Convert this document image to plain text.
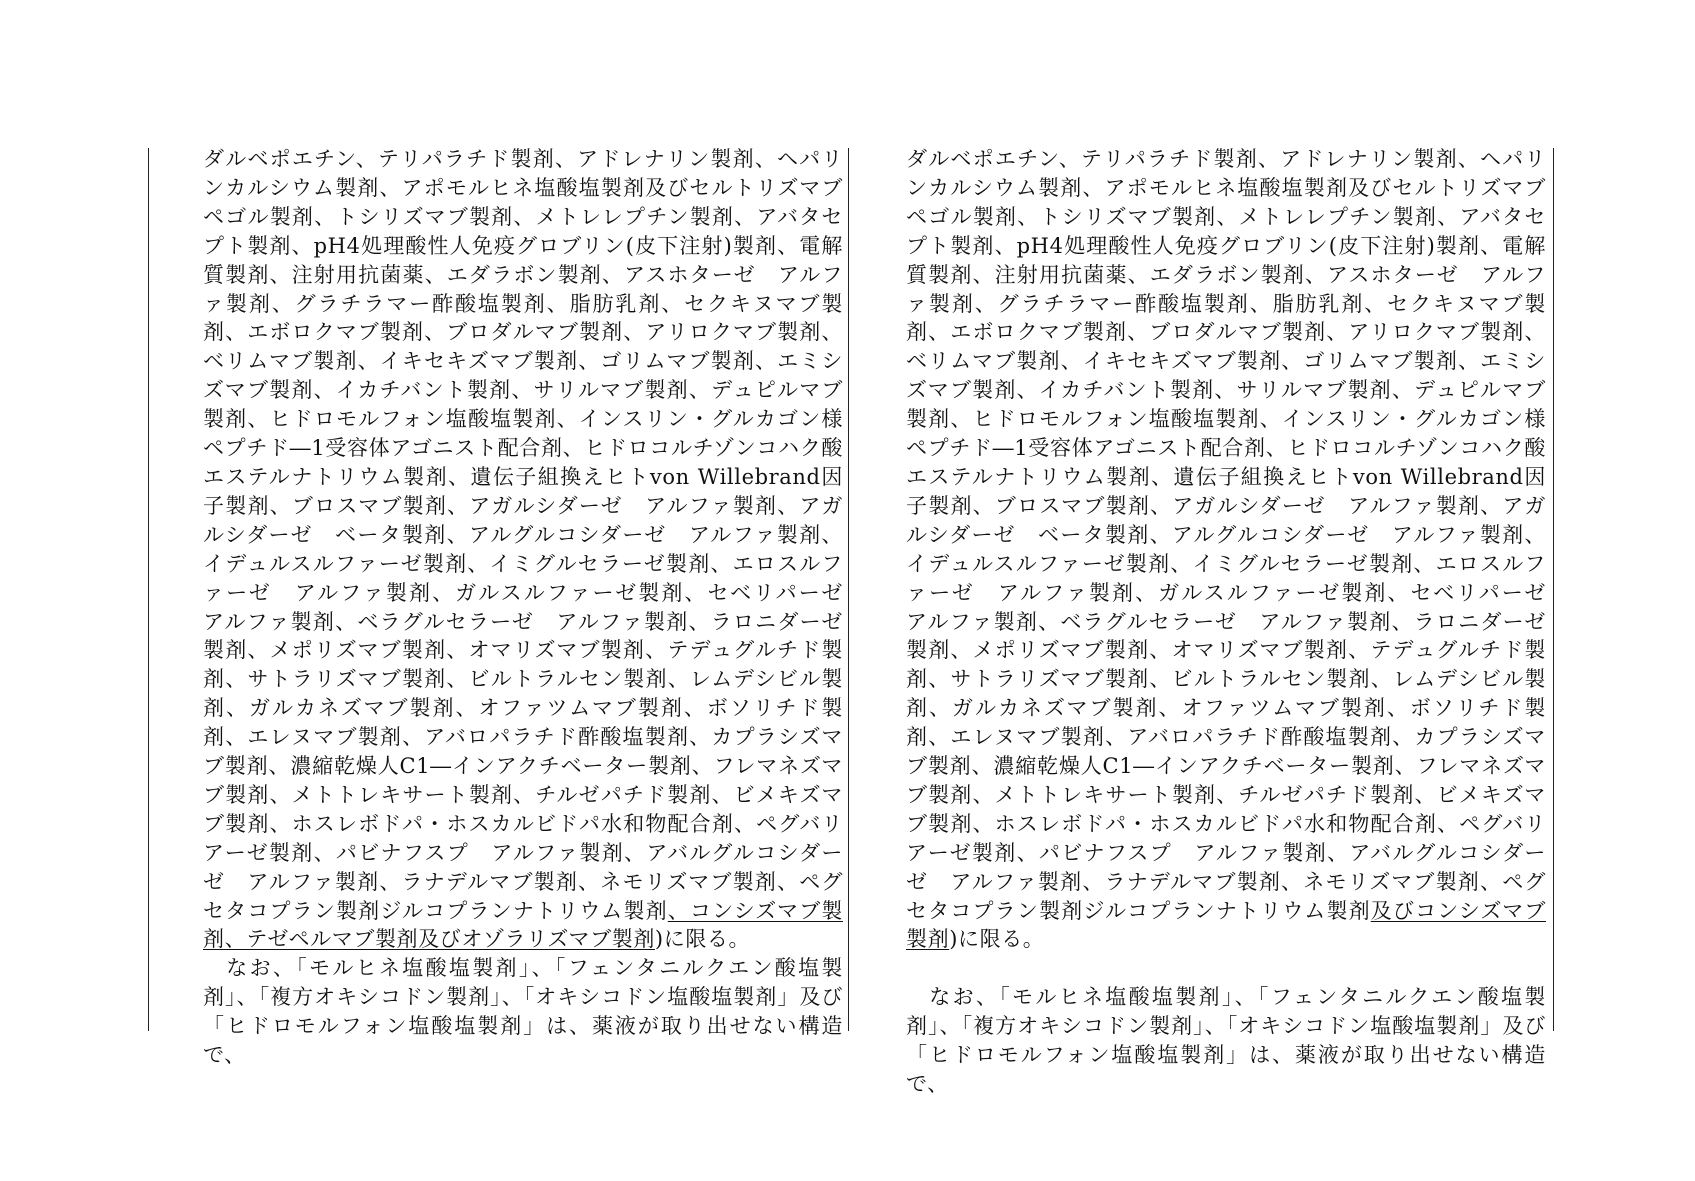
ダルベポエチン、テリパラチド製剤、アドレナリン製剤、ヘパリンカルシウム製剤、アポモルヒネ塩酸塩製剤及びセルトリズマブペゴル製剤、トシリズマブ製剤、メトレレプチン製剤、アバタセプト製剤、pH4処理酸性人免疫グロブリン(皮下注射)製剤、電解質製剤、注射用抗菌薬、エダラボン製剤、アスホターゼ　アルファ製剤、グラチラマー酢酸塩製剤、脂肪乳剤、セクキヌマブ製剤、エボロクマブ製剤、ブロダルマブ製剤、アリロクマブ製剤、ベリムマブ製剤、イキセキズマブ製剤、ゴリムマブ製剤、エミシズマブ製剤、イカチバント製剤、サリルマブ製剤、デュピルマブ製剤、ヒドロモルフォン塩酸塩製剤、インスリン・グルカゴン様ペプチド―1受容体アゴニスト配合剤、ヒドロコルチゾンコハク酸エステルナトリウム製剤、遺伝子組換えヒトvon Willebrand因子製剤、ブロスマブ製剤、アガルシダーゼ　アルファ製剤、アガルシダーゼ　ベータ製剤、アルグルコシダーゼ　アルファ製剤、イデュルスルファーゼ製剤、イミグルセラーゼ製剤、エロスルファーゼ　アルファ製剤、ガルスルファーゼ製剤、セベリパーゼ　アルファ製剤、ベラグルセラーゼ　アルファ製剤、ラロニダーゼ製剤、メポリズマブ製剤、オマリズマブ製剤、テデュグルチド製剤、サトラリズマブ製剤、ビルトラルセン製剤、レムデシビル製剤、ガルカネズマブ製剤、オファツムマブ製剤、ボソリチド製剤、エレヌマブ製剤、アバロパラチド酢酸塩製剤、カプラシズマブ製剤、濃縮乾燥人C1―インアクチベーター製剤、フレマネズマブ製剤、メトトレキサート製剤、チルゼパチド製剤、ビメキズマブ製剤、ホスレボドパ・ホスカルビドパ水和物配合剤、ペグバリアーゼ製剤、パビナフスプ　アルファ製剤、アバルグルコシダーゼ　アルファ製剤、ラナデルマブ製剤、ネモリズマブ製剤、ペグセタコプラン製剤ジルコプランナトリウム製剤、コンシズマブ製剤、テゼペルマブ製剤及びオゾラリズマブ製剤)に限る。

　なお、「モルヒネ塩酸塩製剤」、「フェンタニルクエン酸塩製剤」、「複方オキシコドン製剤」、「オキシコドン塩酸塩製剤」及び「ヒドロモルフォン塩酸塩製剤」は、薬液が取り出せない構造で、

ダルベポエチン、テリパラチド製剤、アドレナリン製剤、ヘパリンカルシウム製剤、アポモルヒネ塩酸塩製剤及びセルトリズマブペゴル製剤、トシリズマブ製剤、メトレレプチン製剤、アバタセプト製剤、pH4処理酸性人免疫グロブリン(皮下注射)製剤、電解質製剤、注射用抗菌薬、エダラボン製剤、アスホターゼ　アルファ製剤、グラチラマー酢酸塩製剤、脂肪乳剤、セクキヌマブ製剤、エボロクマブ製剤、ブロダルマブ製剤、アリロクマブ製剤、ベリムマブ製剤、イキセキズマブ製剤、ゴリムマブ製剤、エミシズマブ製剤、イカチバント製剤、サリルマブ製剤、デュピルマブ製剤、ヒドロモルフォン塩酸塩製剤、インスリン・グルカゴン様ペプチド―1受容体アゴニスト配合剤、ヒドロコルチゾンコハク酸エステルナトリウム製剤、遺伝子組換えヒトvon Willebrand因子製剤、ブロスマブ製剤、アガルシダーゼ　アルファ製剤、アガルシダーゼ　ベータ製剤、アルグルコシダーゼ　アルファ製剤、イデュルスルファーゼ製剤、イミグルセラーゼ製剤、エロスルファーゼ　アルファ製剤、ガルスルファーゼ製剤、セベリパーゼ　アルファ製剤、ベラグルセラーゼ　アルファ製剤、ラロニダーゼ製剤、メポリズマブ製剤、オマリズマブ製剤、テデュグルチド製剤、サトラリズマブ製剤、ビルトラルセン製剤、レムデシビル製剤、ガルカネズマブ製剤、オファツムマブ製剤、ボソリチド製剤、エレヌマブ製剤、アバロパラチド酢酸塩製剤、カプラシズマブ製剤、濃縮乾燥人C1―インアクチベーター製剤、フレマネズマブ製剤、メトトレキサート製剤、チルゼパチド製剤、ビメキズマブ製剤、ホスレボドパ・ホスカルビドパ水和物配合剤、ペグバリアーゼ製剤、パビナフスプ　アルファ製剤、アバルグルコシダーゼ　アルファ製剤、ラナデルマブ製剤、ネモリズマブ製剤、ペグセタコプラン製剤ジルコプランナトリウム製剤及びコンシズマブ製剤)に限る。

　なお、「モルヒネ塩酸塩製剤」、「フェンタニルクエン酸塩製剤」、「複方オキシコドン製剤」、「オキシコドン塩酸塩製剤」及び「ヒドロモルフォン塩酸塩製剤」は、薬液が取り出せない構造で、
